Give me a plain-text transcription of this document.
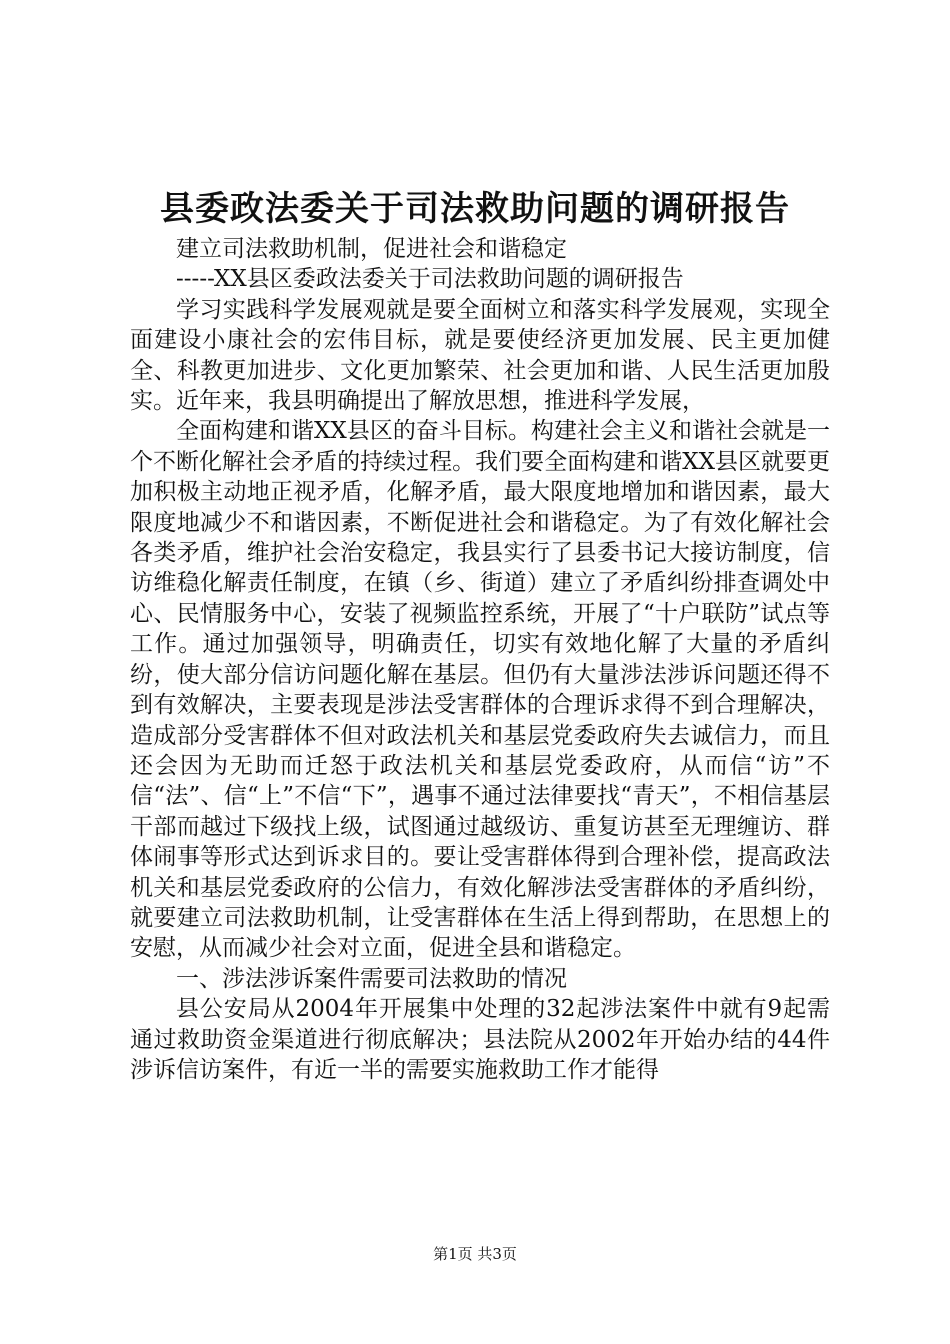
县委政法委关于司法救助问题的调研报告

建立司法救助机制，促进社会和谐稳定

-----XX县区委政法委关于司法救助问题的调研报告

学习实践科学发展观就是要全面树立和落实科学发展观，实现全面建设小康社会的宏伟目标，就是要使经济更加发展、民主更加健全、科教更加进步、文化更加繁荣、社会更加和谐、人民生活更加殷实。近年来，我县明确提出了解放思想，推进科学发展，

全面构建和谐XX县区的奋斗目标。构建社会主义和谐社会就是一个不断化解社会矛盾的持续过程。我们要全面构建和谐XX县区就要更加积极主动地正视矛盾，化解矛盾，最大限度地增加和谐因素，最大限度地减少不和谐因素，不断促进社会和谐稳定。为了有效化解社会各类矛盾，维护社会治安稳定，我县实行了县委书记大接访制度，信访维稳化解责任制度，在镇（乡、街道）建立了矛盾纠纷排查调处中心、民情服务中心，安装了视频监控系统，开展了“十户联防”试点等工作。通过加强领导，明确责任，切实有效地化解了大量的矛盾纠纷，使大部分信访问题化解在基层。但仍有大量涉法涉诉问题还得不到有效解决，主要表现是涉法受害群体的合理诉求得不到合理解决，造成部分受害群体不但对政法机关和基层党委政府失去诚信力，而且还会因为无助而迁怒于政法机关和基层党委政府，从而信“访”不信“法”、信“上”不信“下”，遇事不通过法律要找“青天”，不相信基层干部而越过下级找上级，试图通过越级访、重复访甚至无理缠访、群体闹事等形式达到诉求目的。要让受害群体得到合理补偿，提高政法机关和基层党委政府的公信力，有效化解涉法受害群体的矛盾纠纷，就要建立司法救助机制，让受害群体在生活上得到帮助，在思想上的安慰，从而减少社会对立面，促进全县和谐稳定。

一、涉法涉诉案件需要司法救助的情况

县公安局从2004年开展集中处理的32起涉法案件中就有9起需通过救助资金渠道进行彻底解决；县法院从2002年开始办结的44件涉诉信访案件，有近一半的需要实施救助工作才能得

第1页 共3页
